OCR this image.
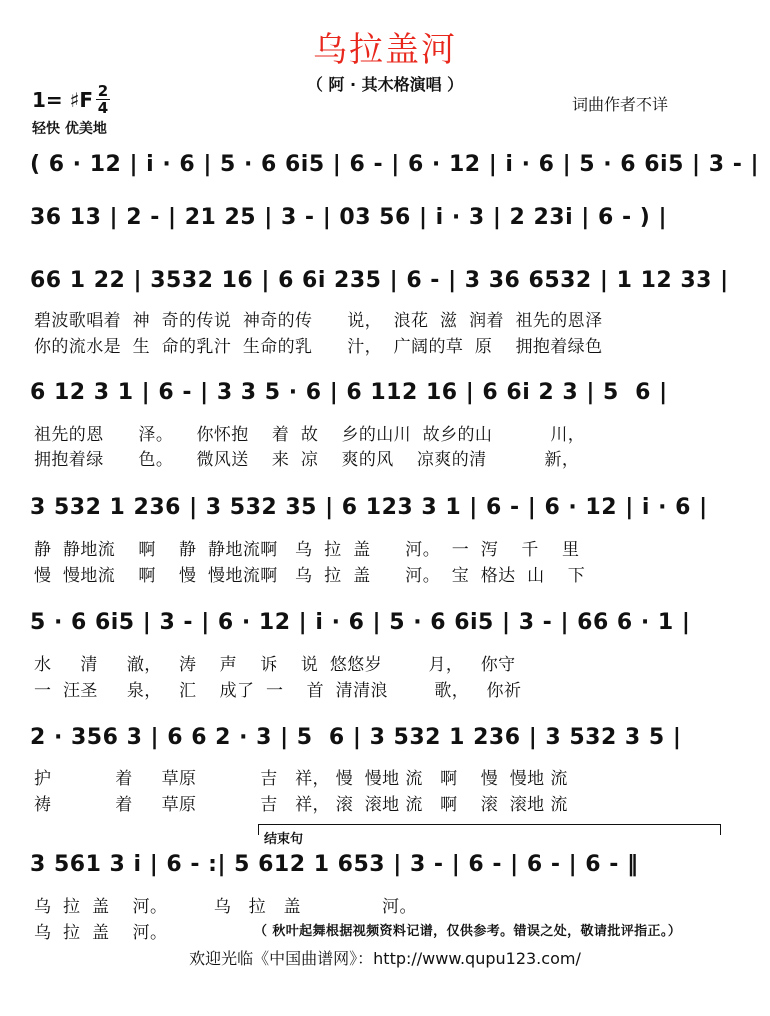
乌拉盖河
（ 阿 · 其木格演唱 ）
1= ♯F 2
4
轻快 优美地
词曲作者不详
( 6 · 12 | i · 6 | 5 · 6 6i5 | 6 - | 6 · 12 | i · 6 | 5 · 6 6i5 | 3 - |
36 13 | 2 - | 21 25 | 3 - | 03 56 | i · 3 | 2 23i | 6 - ) |
66 1 22 | 3532 16 | 6 6i 235 | 6 - | 3 36 6532 | 1 12 33 |
碧波歌唱着  神  奇的传说  神奇的传      说，  浪花  滋  润着  祖先的恩泽
你的流水是  生  命的乳汁  生命的乳      汁，  广阔的草  原    拥抱着绿色
6 12 3 1 | 6 - | 3 3 5 · 6 | 6 112 16 | 6 6i 2 3 | 5  6 |
祖先的恩      泽。    你怀抱    着  故    乡的山川  故乡的山          川，
拥抱着绿      色。    微风送    来  凉    爽的风    凉爽的清          新，
3 532 1 236 | 3 532 35 | 6 123 3 1 | 6 - | 6 · 12 | i · 6 |
静  静地流    啊    静  静地流啊   乌  拉  盖      河。  一  泻    千    里
慢  慢地流    啊    慢  慢地流啊   乌  拉  盖      河。  宝  格达  山    下
5 · 6 6i5 | 3 - | 6 · 12 | i · 6 | 5 · 6 6i5 | 3 - | 66 6 · 1 |
水     清     澈，   涛    声    诉    说  悠悠岁        月，   你守
一  汪圣     泉，   汇    成了  一    首  清清浪        歌，   你祈
2 · 356 3 | 6 6 2 · 3 | 5  6 | 3 532 1 236 | 3 532 3 5 |
护           着     草原           吉   祥， 慢  慢地 流   啊    慢  慢地 流
祷           着     草原           吉   祥， 滚  滚地 流   啊    滚  滚地 流
结束句
3 561 3 i | 6 - :| 5 612 1 653 | 3 - | 6 - | 6 - | 6 - ‖
乌  拉  盖    河。        乌   拉   盖              河。
乌  拉  盖    河。	（ 秋叶起舞根据视频资料记谱，仅供参考。错误之处，敬请批评指正。）
欢迎光临《中国曲谱网》：http://www.qupu123.com/
